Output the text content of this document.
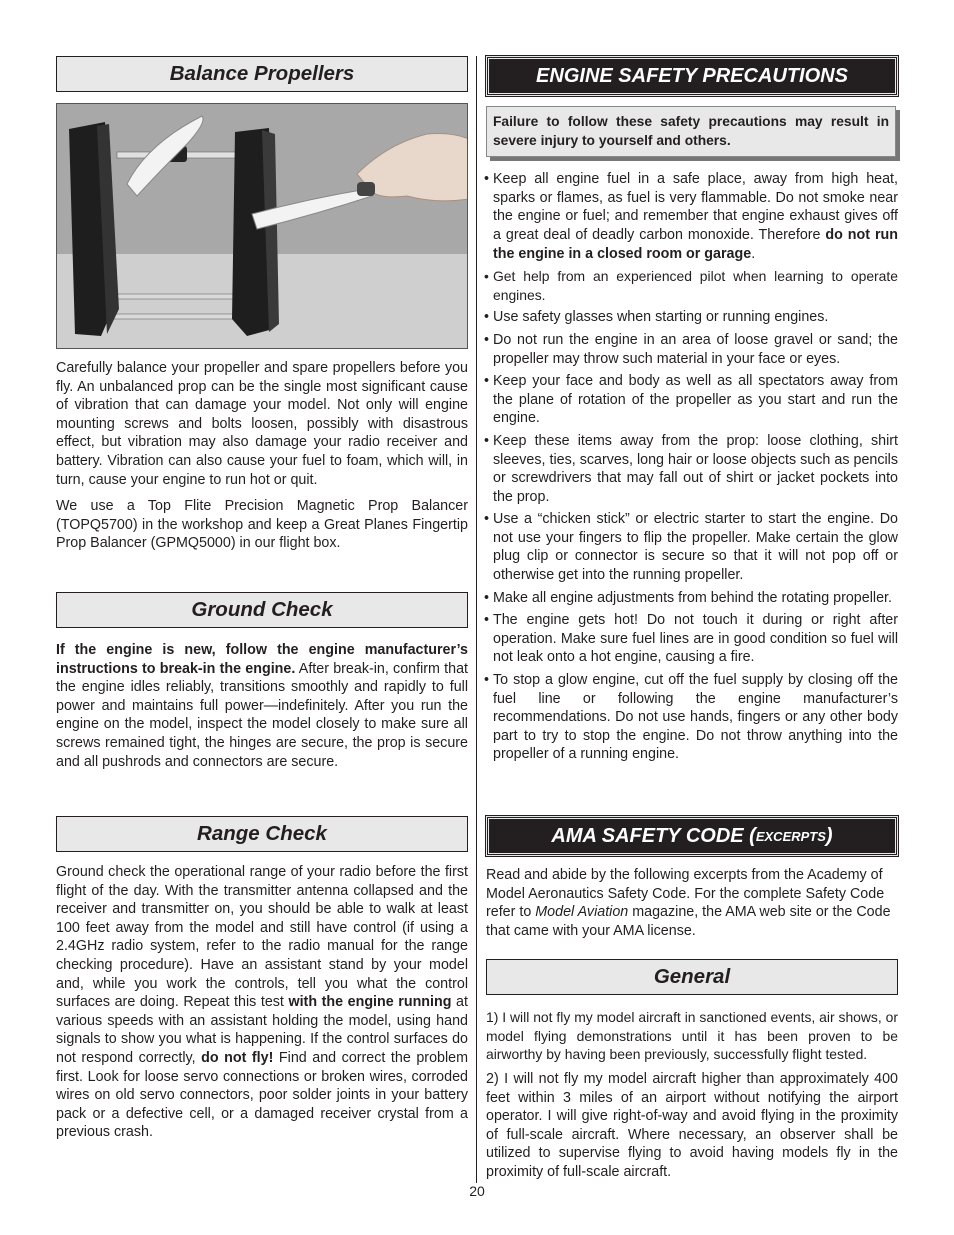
Balance Propellers

Carefully balance your propeller and spare propellers before you fly. An unbalanced prop can be the single most significant cause of vibration that can damage your model. Not only will engine mounting screws and bolts loosen, possibly with disastrous effect, but vibration may also damage your radio receiver and battery. Vibration can also cause your fuel to foam, which will, in turn, cause your engine to run hot or quit.

We use a Top Flite Precision Magnetic Prop Balancer (TOPQ5700) in the workshop and keep a Great Planes Fingertip Prop Balancer (GPMQ5000) in our flight box.

Ground Check

If the engine is new, follow the engine manufacturer’s instructions to break-in the engine. After break-in, confirm that the engine idles reliably, transitions smoothly and rapidly to full power and maintains full power—indefinitely. After you run the engine on the model, inspect the model closely to make sure all screws remained tight, the hinges are secure, the prop is secure and all pushrods and connectors are secure.

Range Check

Ground check the operational range of your radio before the first flight of the day. With the transmitter antenna collapsed and the receiver and transmitter on, you should be able to walk at least 100 feet away from the model and still have control (if using a 2.4GHz radio system, refer to the radio manual for the range checking procedure). Have an assistant stand by your model and, while you work the controls, tell you what the control surfaces are doing. Repeat this test with the engine running at various speeds with an assistant holding the model, using hand signals to show you what is happening. If the control surfaces do not respond correctly, do not fly! Find and correct the problem first. Look for loose servo connections or broken wires, corroded wires on old servo connectors, poor solder joints in your battery pack or a defective cell, or a damaged receiver crystal from a previous crash.

ENGINE SAFETY PRECAUTIONS
Failure to follow these safety precautions may result in severe injury to yourself and others.
• Keep all engine fuel in a safe place, away from high heat, sparks or flames, as fuel is very flammable. Do not smoke near the engine or fuel; and remember that engine exhaust gives off a great deal of deadly carbon monoxide. Therefore do not run the engine in a closed room or garage.
• Get help from an experienced pilot when learning to operate engines.
• Use safety glasses when starting or running engines.
• Do not run the engine in an area of loose gravel or sand; the propeller may throw such material in your face or eyes.
• Keep your face and body as well as all spectators away from the plane of rotation of the propeller as you start and run the engine.
• Keep these items away from the prop: loose clothing, shirt sleeves, ties, scarves, long hair or loose objects such as pencils or screwdrivers that may fall out of shirt or jacket pockets into the prop.
• Use a “chicken stick” or electric starter to start the engine. Do not use your fingers to flip the propeller. Make certain the glow plug clip or connector is secure so that it will not pop off or otherwise get into the running propeller.
• Make all engine adjustments from behind the rotating propeller.
• The engine gets hot! Do not touch it during or right after operation. Make sure fuel lines are in good condition so fuel will not leak onto a hot engine, causing a fire.
• To stop a glow engine, cut off the fuel supply by closing off the fuel line or following the engine manufacturer’s recommendations. Do not use hands, fingers or any other body part to try to stop the engine. Do not throw anything into the propeller of a running engine.
AMA SAFETY CODE ( EXCERPTS )

Read and abide by the following excerpts from the Academy of Model Aeronautics Safety Code. For the complete Safety Code refer to Model Aviation magazine, the AMA web site or the Code that came with your AMA license.

General

1) I will not fly my model aircraft in sanctioned events, air shows, or model flying demonstrations until it has been proven to be airworthy by having been previously, successfully flight tested.

2) I will not fly my model aircraft higher than approximately 400 feet within 3 miles of an airport without notifying the airport operator. I will give right-of-way and avoid flying in the proximity of full-scale aircraft. Where necessary, an observer shall be utilized to supervise flying to avoid having models fly in the proximity of full-scale aircraft.

20
